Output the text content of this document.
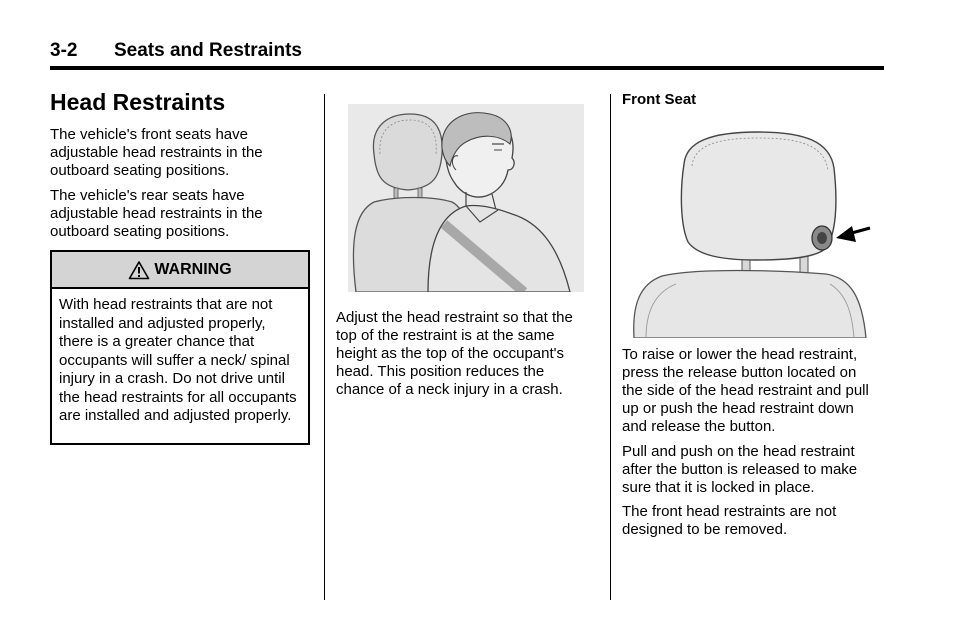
3-2 Seats and Restraints
Head Restraints

The vehicle's front seats have adjustable head restraints in the outboard seating positions.

The vehicle's rear seats have adjustable head restraints in the outboard seating positions.

WARNING
With head restraints that are not installed and adjusted properly, there is a greater chance that occupants will suffer a neck/ spinal injury in a crash. Do not drive until the head restraints for all occupants are installed and adjusted properly.

Adjust the head restraint so that the top of the restraint is at the same height as the top of the occupant's head. This position reduces the chance of a neck injury in a crash.

Front Seat

To raise or lower the head restraint, press the release button located on the side of the head restraint and pull up or push the head restraint down and release the button.

Pull and push on the head restraint after the button is released to make sure that it is locked in place.

The front head restraints are not designed to be removed.
